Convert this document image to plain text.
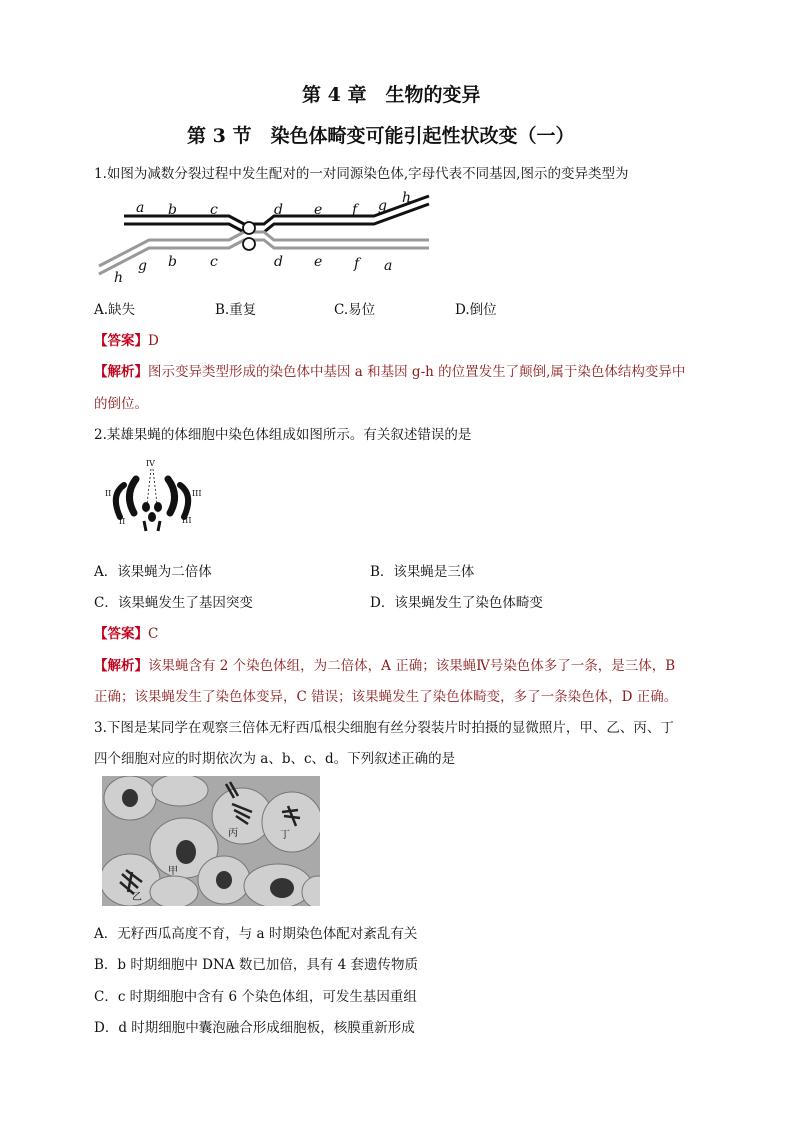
第 4 章　生物的变异
第 3 节　染色体畸变可能引起性状改变（一）
1.如图为减数分裂过程中发生配对的一对同源染色体,字母代表不同基因,图示的变异类型为
a b c	d e f g h
h
g b c	d e f a
A.缺失	B.重复	C.易位	D.倒位
【答案】D
【解析】图示变异类型形成的染色体中基因 a 和基因 g-h 的位置发生了颠倒,属于染色体结构变异中
的倒位。
2.某雄果蝇的体细胞中染色体组成如图所示。有关叙述错误的是
IV
II
II
III
III
A．该果蝇为二倍体	B．该果蝇是三体
C．该果蝇发生了基因突变	D．该果蝇发生了染色体畸变
【答案】C
【解析】该果蝇含有 2 个染色体组，为二倍体，A 正确；该果蝇Ⅳ号染色体多了一条，是三体，B
正确；该果蝇发生了染色体变异，C 错误；该果蝇发生了染色体畸变，多了一条染色体，D 正确。
3.下图是某同学在观察三倍体无籽西瓜根尖细胞有丝分裂装片时拍摄的显微照片，甲、乙、丙、丁
四个细胞对应的时期依次为 a、b、c、d。下列叙述正确的是
丙	丁
甲
乙
A．无籽西瓜高度不育，与 a 时期染色体配对紊乱有关
B．b 时期细胞中 DNA 数已加倍，具有 4 套遗传物质
C．c 时期细胞中含有 6 个染色体组，可发生基因重组
D．d 时期细胞中囊泡融合形成细胞板，核膜重新形成
